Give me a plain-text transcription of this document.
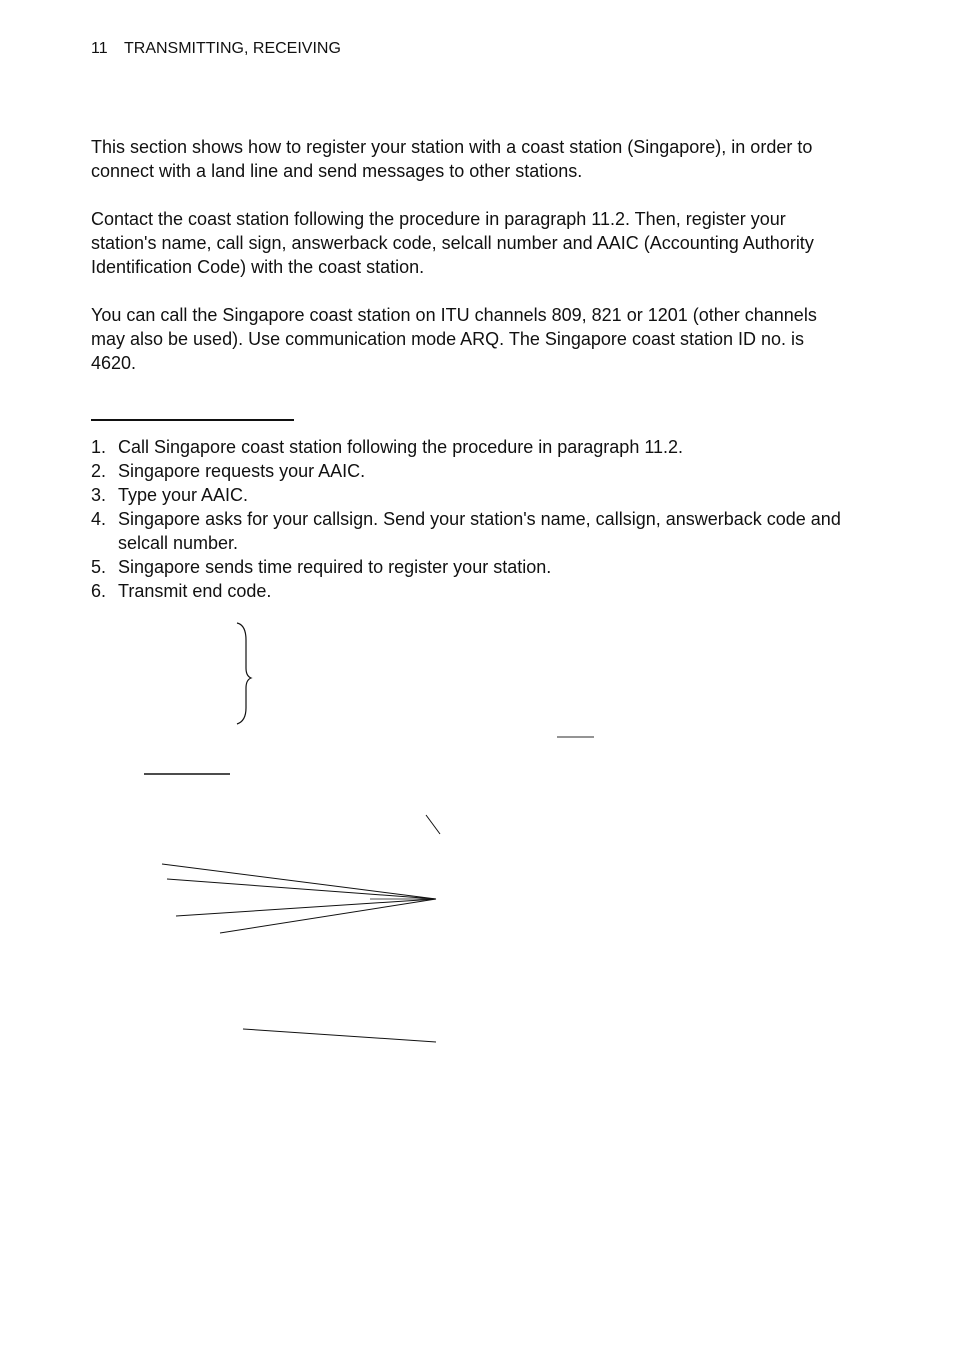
11 TRANSMITTING, RECEIVING

This section shows how to register your station with a coast station (Singapore), in order to connect with a land line and send messages to other stations.

Contact the coast station following the procedure in paragraph 11.2. Then, register your station's name, call sign, answerback code, selcall number and AAIC (Accounting Authority Identification Code) with the coast station.

You can call the Singapore coast station on ITU channels 809, 821 or 1201 (other channels may also be used). Use communication mode ARQ. The Singapore coast station ID no. is 4620.

1. Call Singapore coast station following the procedure in paragraph 11.2.
2. Singapore requests your AAIC.
3. Type your AAIC.
4. Singapore asks for your callsign. Send your station's name, callsign, answerback code and selcall number.
5. Singapore sends time required to register your station.
6. Transmit end code.
